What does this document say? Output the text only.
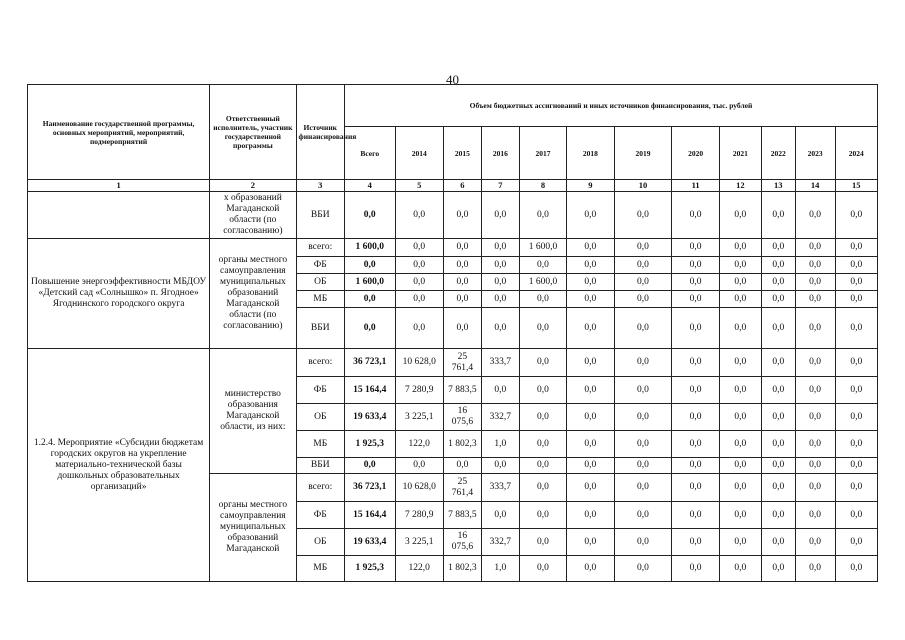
40
Наименование государственной программы, основных мероприятий, мероприятий, подмероприятий	Ответственный исполнитель, участник государственной программы	Источник финансирования	Объем бюджетных ассигнований и иных источников финансирования, тыс. рублей											
			Всего	2014	2015	2016	2017	2018	2019	2020	2021	2022	2023	2024
1	2	3	4	5	6	7	8	9	10	11	12	13	14	15
	х образований Магаданской области (по согласованию)	ВБИ	0,0	0,0	0,0	0,0	0,0	0,0	0,0	0,0	0,0	0,0	0,0	0,0
Повышение энергоэффективности МБДОУ «Детский сад «Солнышко» п. Ягодное» Ягоднинского городского округа	органы местного самоуправления муниципальных образований Магаданской области (по согласованию)	всего:	1 600,0	0,0	0,0	0,0	1 600,0	0,0	0,0	0,0	0,0	0,0	0,0	0,0
		ФБ	0,0	0,0	0,0	0,0	0,0	0,0	0,0	0,0	0,0	0,0	0,0	0,0
		ОБ	1 600,0	0,0	0,0	0,0	1 600,0	0,0	0,0	0,0	0,0	0,0	0,0	0,0
		МБ	0,0	0,0	0,0	0,0	0,0	0,0	0,0	0,0	0,0	0,0	0,0	0,0
		ВБИ	0,0	0,0	0,0	0,0	0,0	0,0	0,0	0,0	0,0	0,0	0,0	0,0
1.2.4. Мероприятие «Субсидии бюджетам городских округов на укрепление материально-технической базы дошкольных образовательных организаций»	министерство образования Магаданской области, из них:	всего:	36 723,1	10 628,0	25 761,4	333,7	0,0	0,0	0,0	0,0	0,0	0,0	0,0	0,0
		ФБ	15 164,4	7 280,9	7 883,5	0,0	0,0	0,0	0,0	0,0	0,0	0,0	0,0	0,0
		ОБ	19 633,4	3 225,1	16 075,6	332,7	0,0	0,0	0,0	0,0	0,0	0,0	0,0	0,0
		МБ	1 925,3	122,0	1 802,3	1,0	0,0	0,0	0,0	0,0	0,0	0,0	0,0	0,0
		ВБИ	0,0	0,0	0,0	0,0	0,0	0,0	0,0	0,0	0,0	0,0	0,0	0,0
	органы местного самоуправления муниципальных образований Магаданской	всего:	36 723,1	10 628,0	25 761,4	333,7	0,0	0,0	0,0	0,0	0,0	0,0	0,0	0,0
		ФБ	15 164,4	7 280,9	7 883,5	0,0	0,0	0,0	0,0	0,0	0,0	0,0	0,0	0,0
		ОБ	19 633,4	3 225,1	16 075,6	332,7	0,0	0,0	0,0	0,0	0,0	0,0	0,0	0,0
		МБ	1 925,3	122,0	1 802,3	1,0	0,0	0,0	0,0	0,0	0,0	0,0	0,0	0,0
